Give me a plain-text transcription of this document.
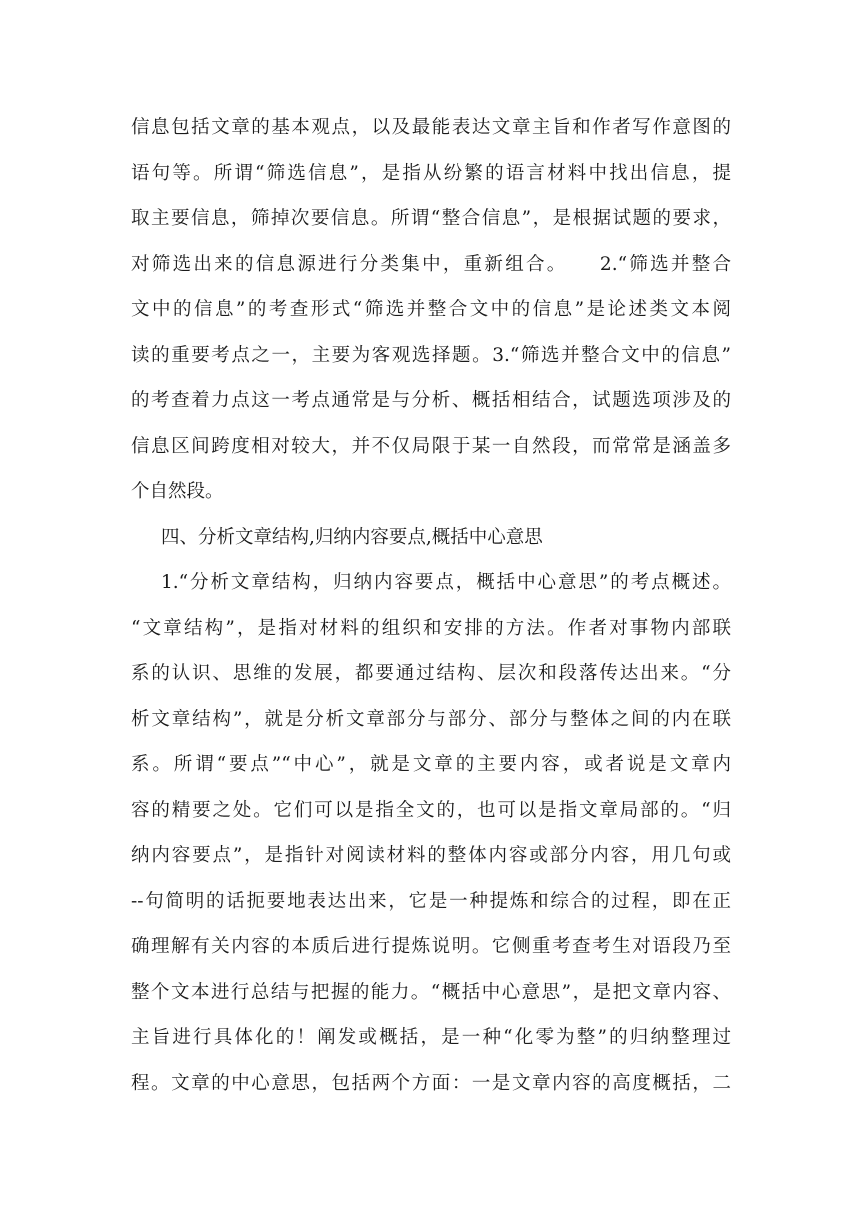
信息包括文章的基本观点，以及最能表达文章主旨和作者写作意图的
语句等。所谓“筛选信息”，是指从纷繁的语言材料中找出信息，提
取主要信息，筛掉次要信息。所谓“整合信息”，是根据试题的要求，
对筛选出来的信息源进行分类集中，重新组合。　　2.“筛选并整合
文中的信息”的考查形式“筛选并整合文中的信息”是论述类文本阅
读的重要考点之一，主要为客观选择题。3.“筛选并整合文中的信息”
的考查着力点这一考点通常是与分析、概括相结合，试题选项涉及的
信息区间跨度相对较大，并不仅局限于某一自然段，而常常是涵盖多
个自然段。
四、分析文章结构,归纳内容要点,概括中心意思
1.“分析文章结构，归纳内容要点，概括中心意思”的考点概述。
“文章结构”，是指对材料的组织和安排的方法。作者对事物内部联
系的认识、思维的发展，都要通过结构、层次和段落传达出来。“分
析文章结构”，就是分析文章部分与部分、部分与整体之间的内在联
系。所谓“要点”“中心”，就是文章的主要内容，或者说是文章内
容的精要之处。它们可以是指全文的，也可以是指文章局部的。“归
纳内容要点”，是指针对阅读材料的整体内容或部分内容，用几句或
--句简明的话扼要地表达出来，它是一种提炼和综合的过程，即在正
确理解有关内容的本质后进行提炼说明。它侧重考查考生对语段乃至
整个文本进行总结与把握的能力。“概括中心意思”，是把文章内容、
主旨进行具体化的！阐发或概括，是一种“化零为整”的归纳整理过
程。文章的中心意思，包括两个方面：一是文章内容的高度概括，二
